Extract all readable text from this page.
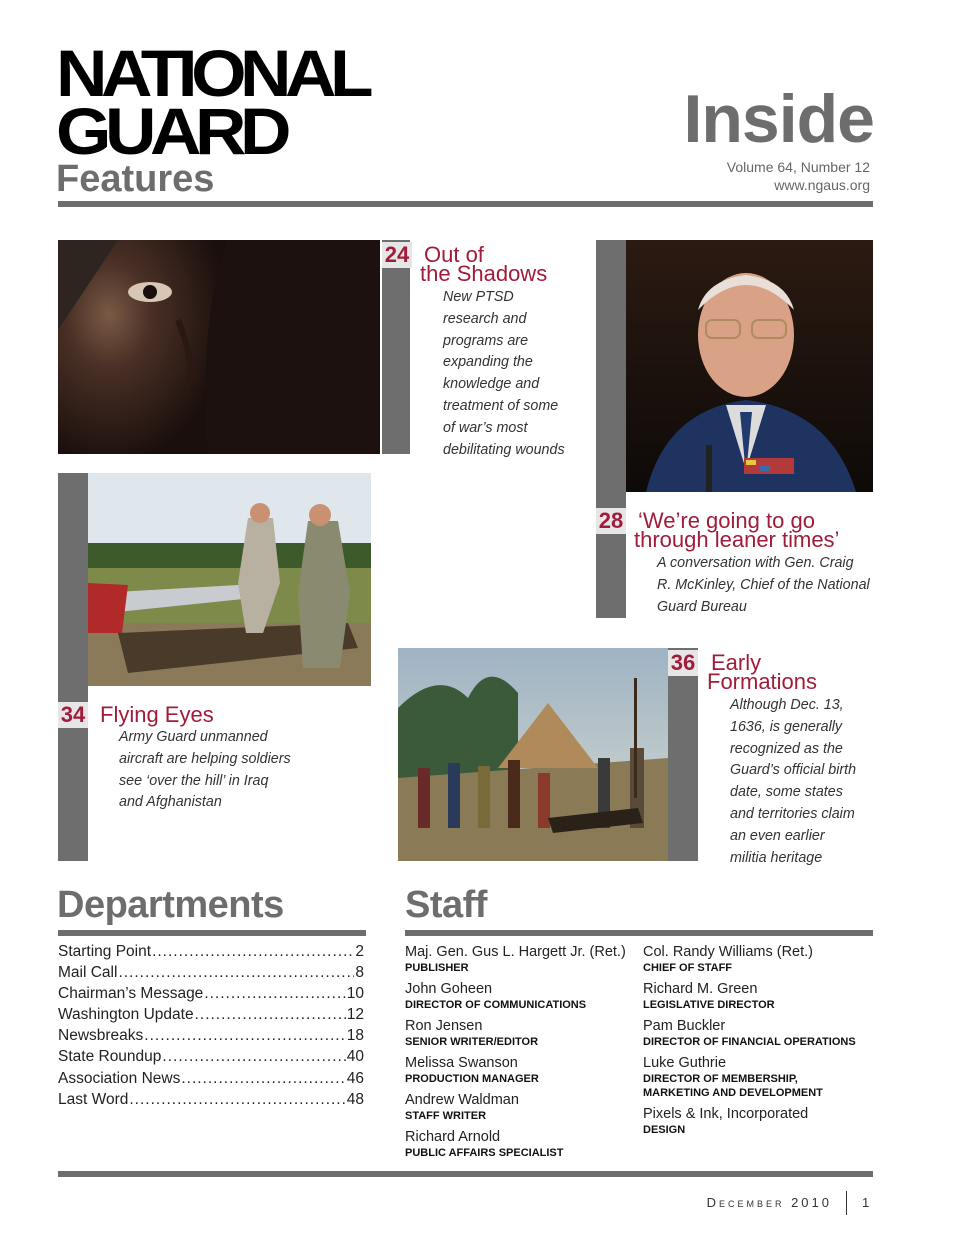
NATIONAL
GUARD
Features
Inside
Volume 64, Number 12
www.ngaus.org
24 Out of
the Shadows
New PTSD
research and
programs are
expanding the
knowledge and
treatment of some
of war’s most
debilitating wounds
28 ‘We’re going to go
through leaner times’
A conversation with Gen. Craig
R. McKinley, Chief of the National
Guard Bureau
34 Flying Eyes
Army Guard unmanned
aircraft are helping soldiers
see ‘over the hill’ in Iraq
and Afghanistan
36 Early
Formations
Although Dec. 13,
1636, is generally
recognized as the
Guard’s official birth
date, some states
and territories claim
an even earlier
militia heritage
Departments
Starting Point .....	2
Mail Call .....	8
Chairman’s Message .....	10
Washington Update .....	12
Newsbreaks .....	18
State Roundup .....	40
Association News .....	46
Last Word .....	48
Staff
Maj. Gen. Gus L. Hargett Jr. (Ret.)
PUBLISHER
John Goheen
DIRECTOR OF COMMUNICATIONS
Ron Jensen
SENIOR WRITER/EDITOR
Melissa Swanson
PRODUCTION MANAGER
Andrew Waldman
STAFF WRITER
Richard Arnold
PUBLIC AFFAIRS SPECIALIST
Col. Randy Williams (Ret.)
CHIEF OF STAFF
Richard M. Green
LEGISLATIVE DIRECTOR
Pam Buckler
DIRECTOR OF FINANCIAL OPERATIONS
Luke Guthrie
DIRECTOR OF MEMBERSHIP,
MARKETING AND DEVELOPMENT
Pixels & Ink, Incorporated
DESIGN
December 2010 1
